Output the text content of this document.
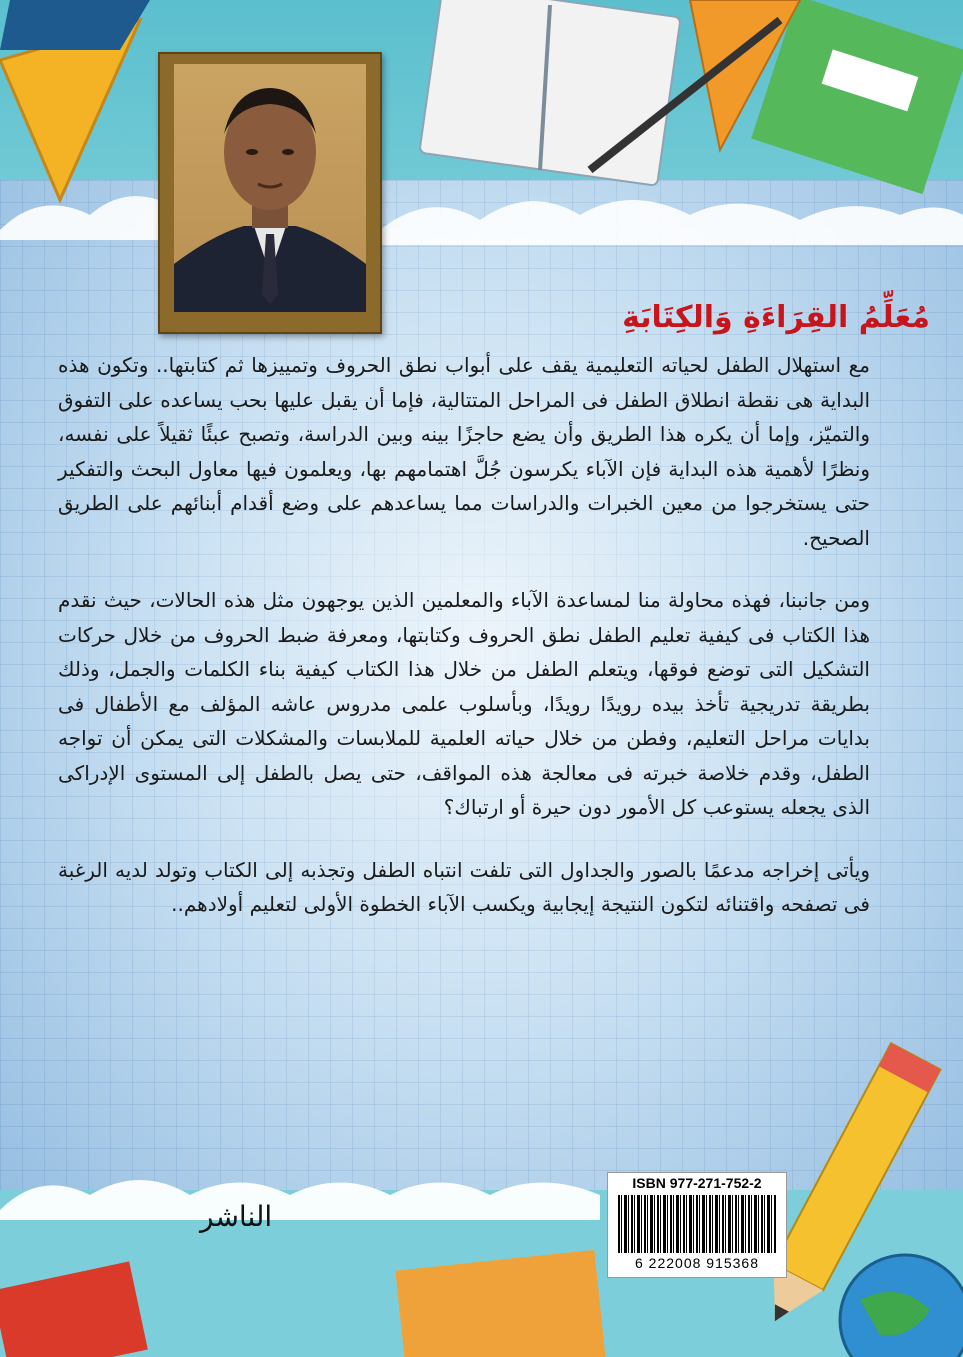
مُعَلِّمُ القِرَاءَةِ وَالكِتَابَةِ

مع استهلال الطفل لحياته التعليمية يقف على أبواب نطق الحروف وتمييزها ثم كتابتها.. وتكون هذه البداية هى نقطة انطلاق الطفل فى المراحل المتتالية، فإما أن يقبل عليها بحب يساعده على التفوق والتميّز، وإما أن يكره هذا الطريق وأن يضع حاجزًا بينه وبين الدراسة، وتصبح عبئًا ثقيلاً على نفسه، ونظرًا لأهمية هذه البداية فإن الآباء يكرسون جُلَّ اهتمامهم بها، ويعلمون فيها معاول البحث والتفكير حتى يستخرجوا من معين الخبرات والدراسات مما يساعدهم على وضع أقدام أبنائهم على الطريق الصحيح.

ومن جانبنا، فهذه محاولة منا لمساعدة الآباء والمعلمين الذين يوجهون مثل هذه الحالات، حيث نقدم هذا الكتاب فى كيفية تعليم الطفل نطق الحروف وكتابتها، ومعرفة ضبط الحروف من خلال حركات التشكيل التى توضع فوقها، ويتعلم الطفل من خلال هذا الكتاب كيفية بناء الكلمات والجمل، وذلك بطريقة تدريجية تأخذ بيده رويدًا رويدًا، وبأسلوب علمى مدروس عاشه المؤلف مع الأطفال فى بدايات مراحل التعليم، وفطن من خلال حياته العلمية للملابسات والمشكلات التى يمكن أن تواجه الطفل، وقدم خلاصة خبرته فى معالجة هذه المواقف، حتى يصل بالطفل إلى المستوى الإدراكى الذى يجعله يستوعب كل الأمور دون حيرة أو ارتباك؟

ويأتى إخراجه مدعمًا بالصور والجداول التى تلفت انتباه الطفل وتجذبه إلى الكتاب وتولد لديه الرغبة فى تصفحه واقتنائه لتكون النتيجة إيجابية ويكسب الآباء الخطوة الأولى لتعليم أولادهم..

الناشر
ISBN 977-271-752-2
6 222008 915368
